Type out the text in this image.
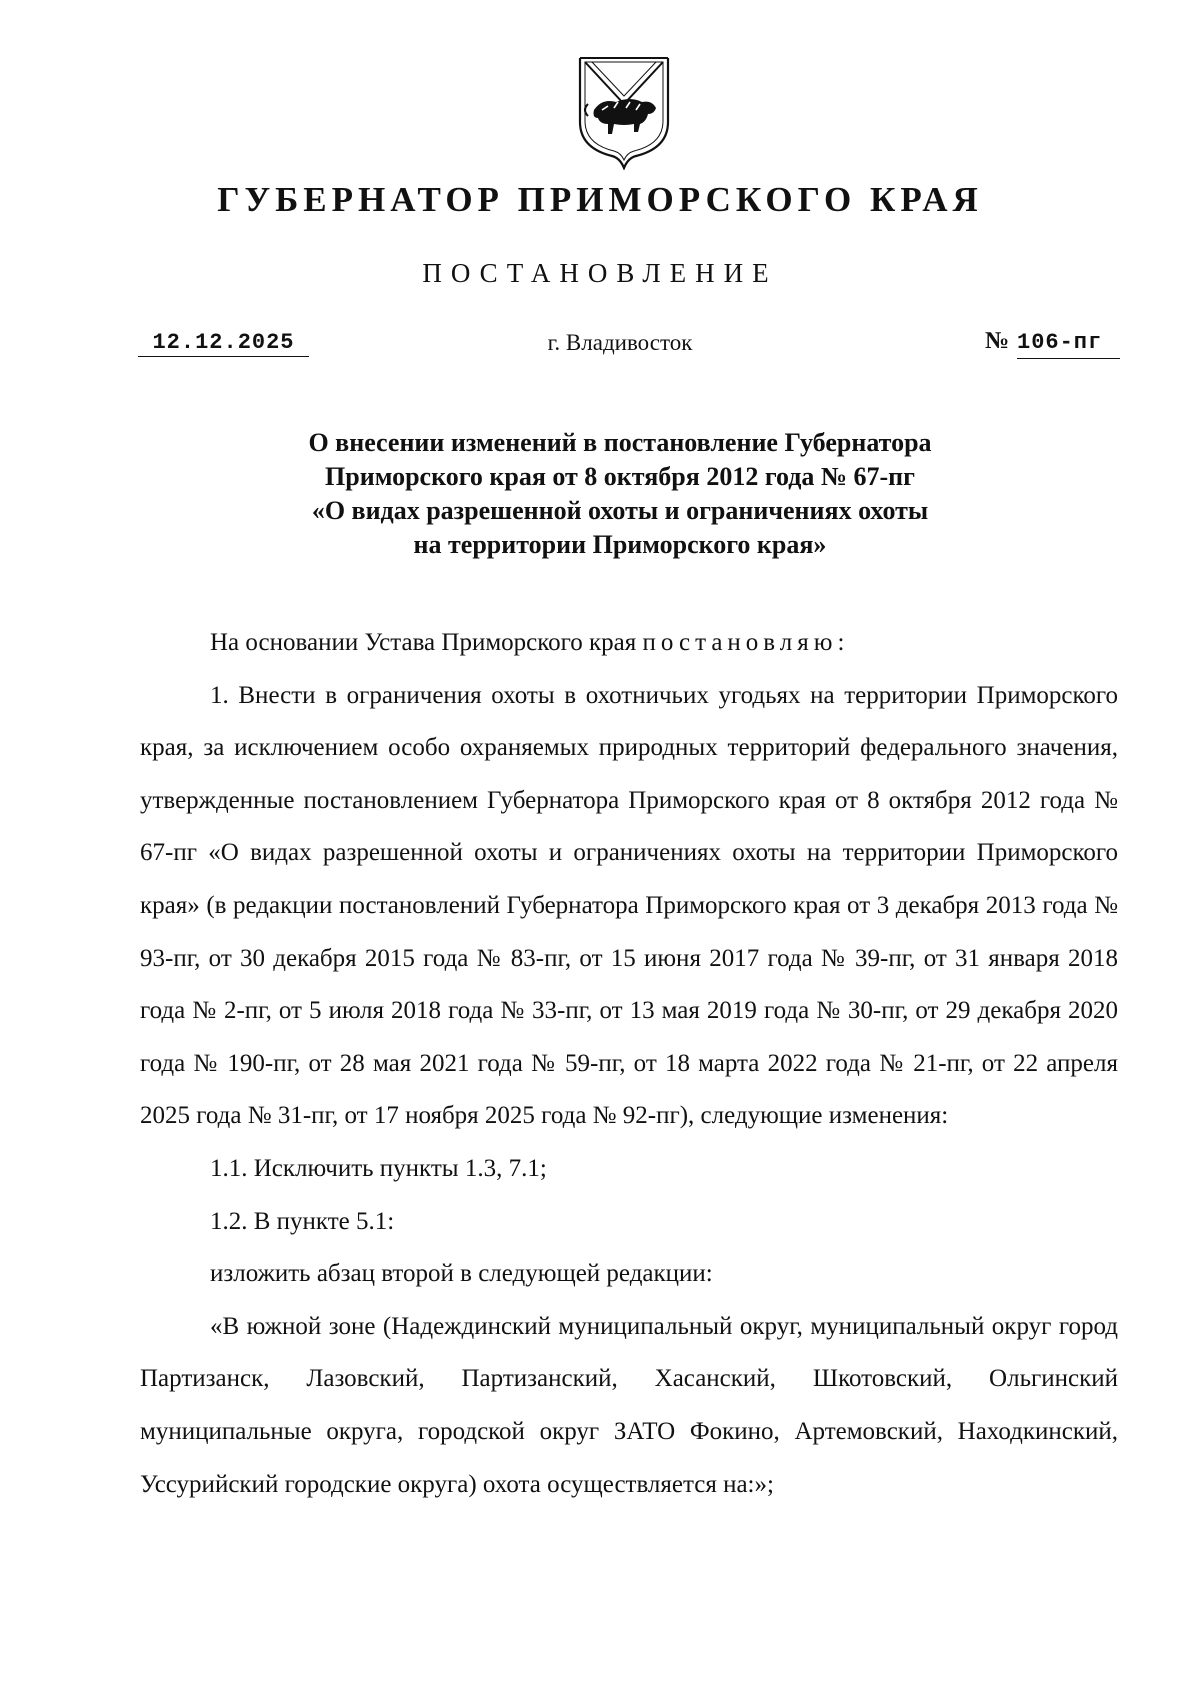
ГУБЕРНАТОР ПРИМОРСКОГО КРАЯ
ПОСТАНОВЛЕНИЕ
12.12.2025	г. Владивосток	№ 106-пг
О внесении изменений в постановление Губернатора
Приморского края от 8 октября 2012 года № 67-пг
«О видах разрешенной охоты и ограничениях охоты
на территории Приморского края»

На основании Устава Приморского края постановляю:

1. Внести в ограничения охоты в охотничьих угодьях на территории Приморского края, за исключением особо охраняемых природных территорий федерального значения, утвержденные постановлением Губернатора Приморского края от 8 октября 2012 года № 67-пг «О видах разрешенной охоты и ограничениях охоты на территории Приморского края» (в редакции постановлений Губернатора Приморского края от 3 декабря 2013 года № 93-пг, от 30 декабря 2015 года № 83-пг, от 15 июня 2017 года № 39-пг, от 31 января 2018 года № 2-пг, от 5 июля 2018 года № 33-пг, от 13 мая 2019 года № 30-пг, от 29 декабря 2020 года № 190-пг, от 28 мая 2021 года № 59-пг, от 18 марта 2022 года № 21-пг, от 22 апреля 2025 года № 31-пг, от 17 ноября 2025 года № 92-пг), следующие изменения:

1.1. Исключить пункты 1.3, 7.1;

1.2. В пункте 5.1:

изложить абзац второй в следующей редакции:

«В южной зоне (Надеждинский муниципальный округ, муниципальный округ город Партизанск, Лазовский, Партизанский, Хасанский, Шкотовский, Ольгинский муниципальные округа, городской округ ЗАТО Фокино, Артемовский, Находкинский, Уссурийский городские округа) охота осуществляется на:»;
